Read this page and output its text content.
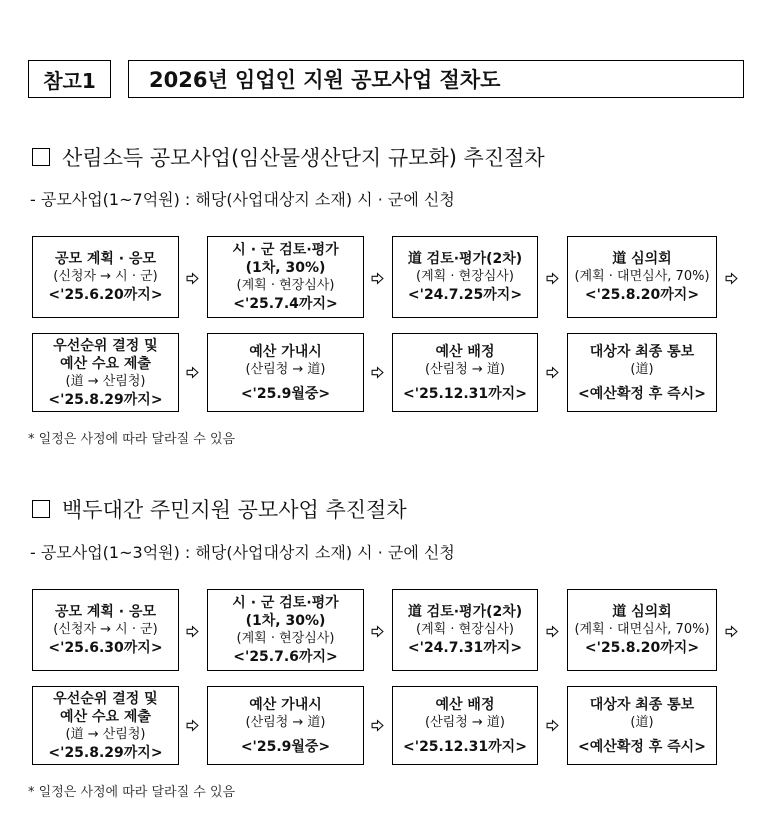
참고1	2026년 임업인 지원 공모사업 절차도
산림소득 공모사업(임산물생산단지 규모화) 추진절차
- 공모사업(1~7억원) : 해당(사업대상지 소재) 시 · 군에 신청
공모 계획 · 응모
(신청자 → 시 · 군)
<'25.6.20까지>
시 · 군 검토·평가
(1차, 30%)
(계획 · 현장심사)
<'25.7.4까지>
道 검토·평가(2차)
(계획 · 현장심사)
<'24.7.25까지>
道 심의회
(계획 · 대면심사, 70%)
<'25.8.20까지>
우선순위 결정 및
예산 수요 제출
(道 → 산림청)
<'25.8.29까지>
예산 가내시
(산림청 → 道)
<'25.9월중>
예산 배정
(산림청 → 道)
<'25.12.31까지>
대상자 최종 통보
(道)
<예산확정 후 즉시>
* 일정은 사정에 따라 달라질 수 있음
백두대간 주민지원 공모사업 추진절차
- 공모사업(1~3억원) : 해당(사업대상지 소재) 시 · 군에 신청
공모 계획 · 응모
(신청자 → 시 · 군)
<'25.6.30까지>
시 · 군 검토·평가
(1차, 30%)
(계획 · 현장심사)
<'25.7.6까지>
道 검토·평가(2차)
(계획 · 현장심사)
<'24.7.31까지>
道 심의회
(계획 · 대면심사, 70%)
<'25.8.20까지>
우선순위 결정 및
예산 수요 제출
(道 → 산림청)
<'25.8.29까지>
예산 가내시
(산림청 → 道)
<'25.9월중>
예산 배정
(산림청 → 道)
<'25.12.31까지>
대상자 최종 통보
(道)
<예산확정 후 즉시>
* 일정은 사정에 따라 달라질 수 있음
